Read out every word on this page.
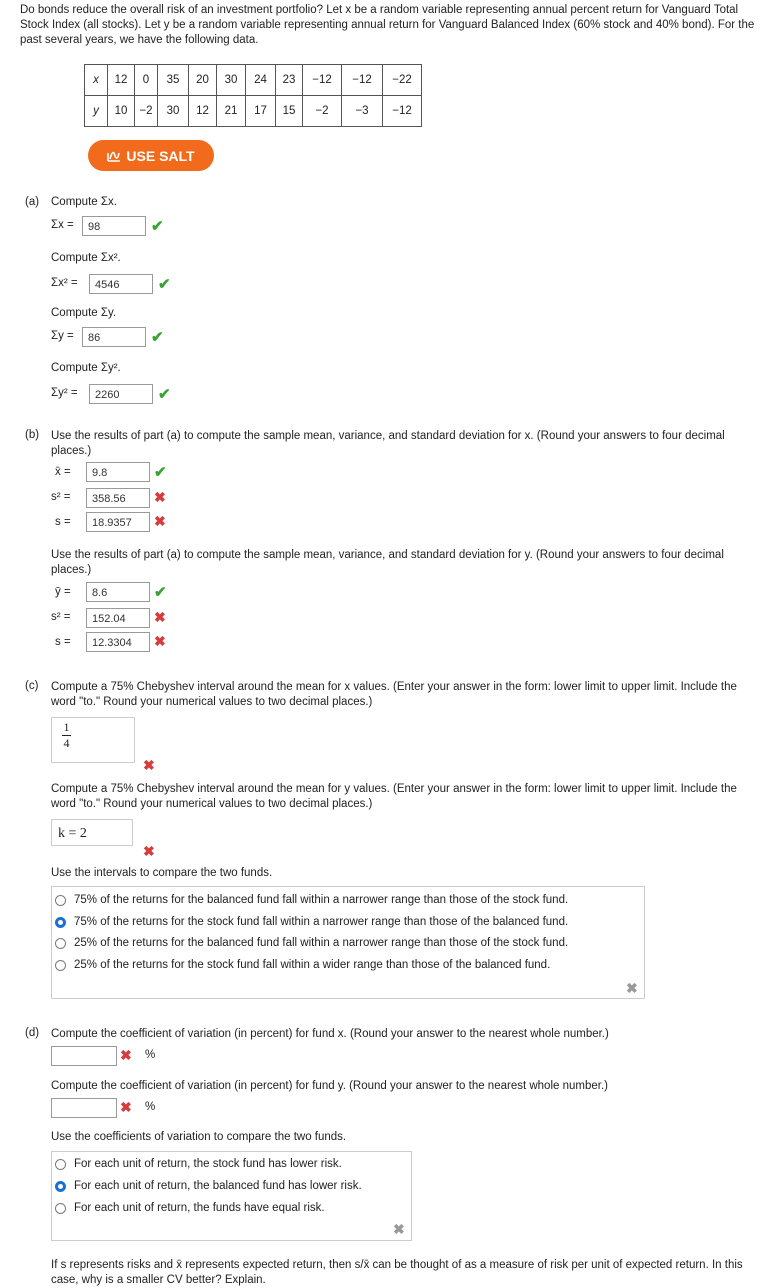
Do bonds reduce the overall risk of an investment portfolio? Let x be a random variable representing annual percent return for Vanguard Total Stock Index (all stocks). Let y be a random variable representing annual return for Vanguard Balanced Index (60% stock and 40% bond). For the past several years, we have the following data.
x	12	0	35	20	30	24	23	−12	−12	−22
y	10	−2	30	12	21	17	15	−2	−3	−12
USE SALT
(a) Compute Σx.
Σx =	98	✔
Compute Σx².
Σx² =	4546	✔
Compute Σy.
Σy =	86	✔
Compute Σy².
Σy² =	2260	✔
(b) Use the results of part (a) to compute the sample mean, variance, and standard deviation for x. (Round your answers to four decimal places.)
x̄ =	9.8	✔
s² =	358.56	✖
s =	18.9357	✖
Use the results of part (a) to compute the sample mean, variance, and standard deviation for y. (Round your answers to four decimal places.)
ȳ =	8.6	✔
s² =	152.04	✖
s =	12.3304	✖
(c) Compute a 75% Chebyshev interval around the mean for x values. (Enter your answer in the form: lower limit to upper limit. Include the word "to." Round your numerical values to two decimal places.)
1
4
✖
Compute a 75% Chebyshev interval around the mean for y values. (Enter your answer in the form: lower limit to upper limit. Include the word "to." Round your numerical values to two decimal places.)
k = 2
✖
Use the intervals to compare the two funds.
75% of the returns for the balanced fund fall within a narrower range than those of the stock fund.
75% of the returns for the stock fund fall within a narrower range than those of the balanced fund.
25% of the returns for the balanced fund fall within a narrower range than those of the stock fund.
25% of the returns for the stock fund fall within a wider range than those of the balanced fund.
✖
(d) Compute the coefficient of variation (in percent) for fund x. (Round your answer to the nearest whole number.)
✖ %
Compute the coefficient of variation (in percent) for fund y. (Round your answer to the nearest whole number.)
✖ %
Use the coefficients of variation to compare the two funds.
For each unit of return, the stock fund has lower risk.
For each unit of return, the balanced fund has lower risk.
For each unit of return, the funds have equal risk.
✖
If s represents risks and x̄ represents expected return, then s/x̄ can be thought of as a measure of risk per unit of expected return. In this case, why is a smaller CV better? Explain.
